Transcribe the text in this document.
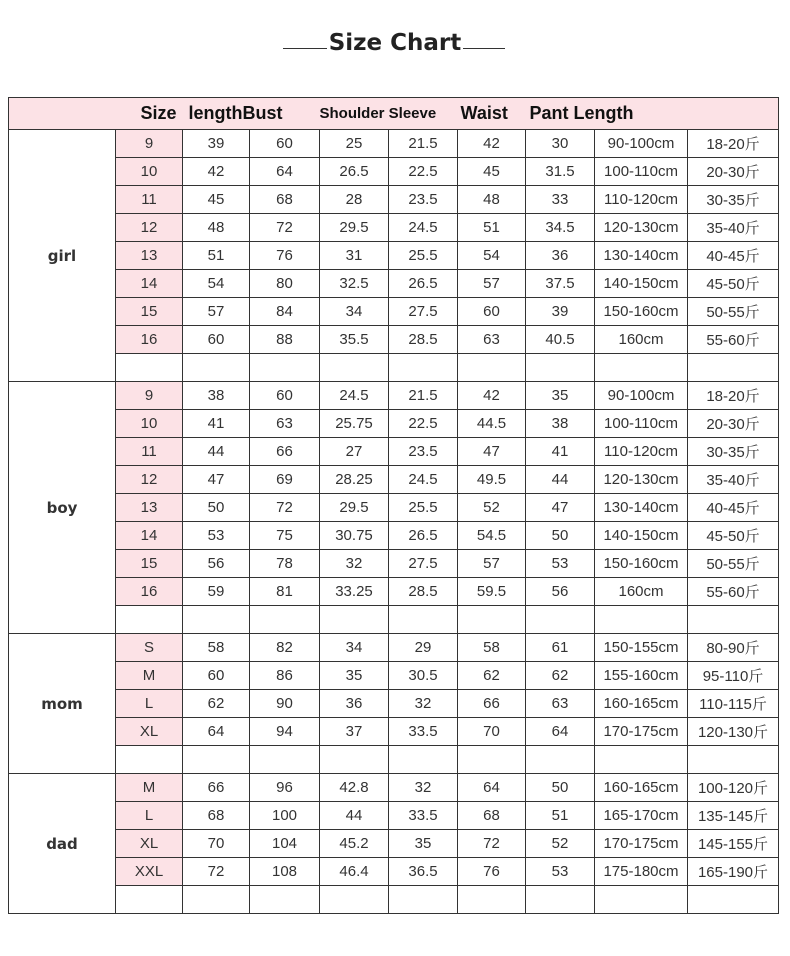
Size Chart
Size		lengthBust		Shoulder Sleeve		Waist	Pant Length		
girl	9	39	60	25	21.5	42	30	90-100cm	18-20斤
	10	42	64	26.5	22.5	45	31.5	100-110cm	20-30斤
	11	45	68	28	23.5	48	33	110-120cm	30-35斤
	12	48	72	29.5	24.5	51	34.5	120-130cm	35-40斤
	13	51	76	31	25.5	54	36	130-140cm	40-45斤
	14	54	80	32.5	26.5	57	37.5	140-150cm	45-50斤
	15	57	84	34	27.5	60	39	150-160cm	50-55斤
	16	60	88	35.5	28.5	63	40.5	160cm	55-60斤

boy	9	38	60	24.5	21.5	42	35	90-100cm	18-20斤
	10	41	63	25.75	22.5	44.5	38	100-110cm	20-30斤
	11	44	66	27	23.5	47	41	110-120cm	30-35斤
	12	47	69	28.25	24.5	49.5	44	120-130cm	35-40斤
	13	50	72	29.5	25.5	52	47	130-140cm	40-45斤
	14	53	75	30.75	26.5	54.5	50	140-150cm	45-50斤
	15	56	78	32	27.5	57	53	150-160cm	50-55斤
	16	59	81	33.25	28.5	59.5	56	160cm	55-60斤

mom	S	58	82	34	29	58	61	150-155cm	80-90斤
	M	60	86	35	30.5	62	62	155-160cm	95-110斤
	L	62	90	36	32	66	63	160-165cm	110-115斤
	XL	64	94	37	33.5	70	64	170-175cm	120-130斤

dad	M	66	96	42.8	32	64	50	160-165cm	100-120斤
	L	68	100	44	33.5	68	51	165-170cm	135-145斤
	XL	70	104	45.2	35	72	52	170-175cm	145-155斤
	XXL	72	108	46.4	36.5	76	53	175-180cm	165-190斤
